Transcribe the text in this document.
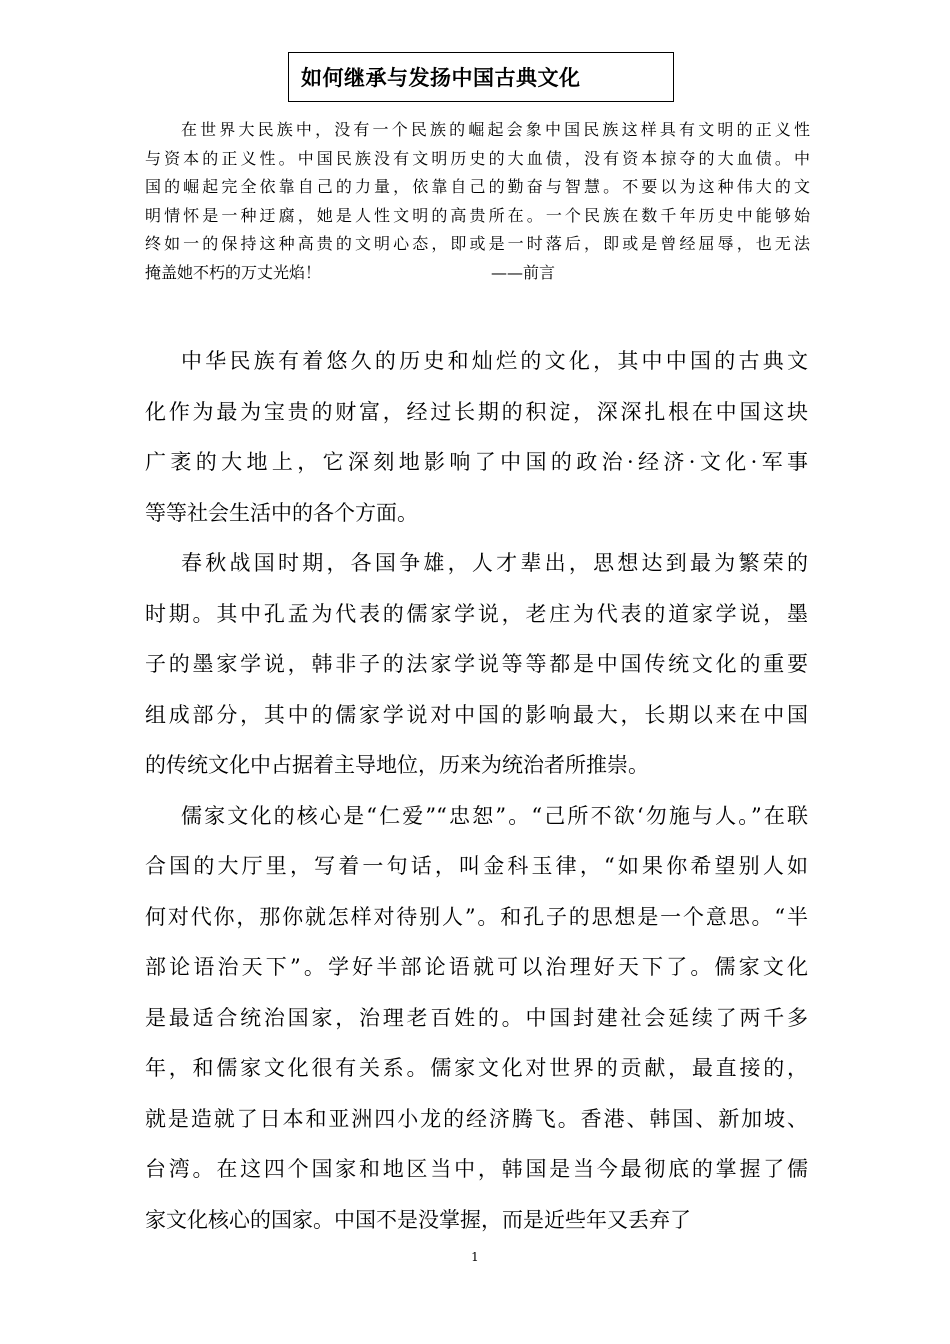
如何继承与发扬中国古典文化
在世界大民族中，没有一个民族的崛起会象中国民族这样具有文明的正义性
与资本的正义性。中国民族没有文明历史的大血债，没有资本掠夺的大血债。中
国的崛起完全依靠自己的力量，依靠自己的勤奋与智慧。不要以为这种伟大的文
明情怀是一种迂腐，她是人性文明的高贵所在。一个民族在数千年历史中能够始
终如一的保持这种高贵的文明心态，即或是一时落后，即或是曾经屈辱，也无法
掩盖她不朽的万丈光焰！	——前言
中华民族有着悠久的历史和灿烂的文化，其中中国的古典文
化作为最为宝贵的财富，经过长期的积淀，深深扎根在中国这块
广袤的大地上，它深刻地影响了中国的政治·经济·文化·军事
等等社会生活中的各个方面。
春秋战国时期，各国争雄，人才辈出，思想达到最为繁荣的
时期。其中孔孟为代表的儒家学说，老庄为代表的道家学说，墨
子的墨家学说，韩非子的法家学说等等都是中国传统文化的重要
组成部分，其中的儒家学说对中国的影响最大，长期以来在中国
的传统文化中占据着主导地位，历来为统治者所推崇。
儒家文化的核心是“仁爱”“忠恕”。“己所不欲‘勿施与人。”在联
合国的大厅里，写着一句话，叫金科玉律，“如果你希望别人如
何对代你，那你就怎样对待别人”。和孔子的思想是一个意思。“半
部论语治天下”。学好半部论语就可以治理好天下了。儒家文化
是最适合统治国家，治理老百姓的。中国封建社会延续了两千多
年，和儒家文化很有关系。儒家文化对世界的贡献，最直接的，
就是造就了日本和亚洲四小龙的经济腾飞。香港、韩国、新加坡、
台湾。在这四个国家和地区当中，韩国是当今最彻底的掌握了儒
家文化核心的国家。中国不是没掌握，而是近些年又丢弃了
1
